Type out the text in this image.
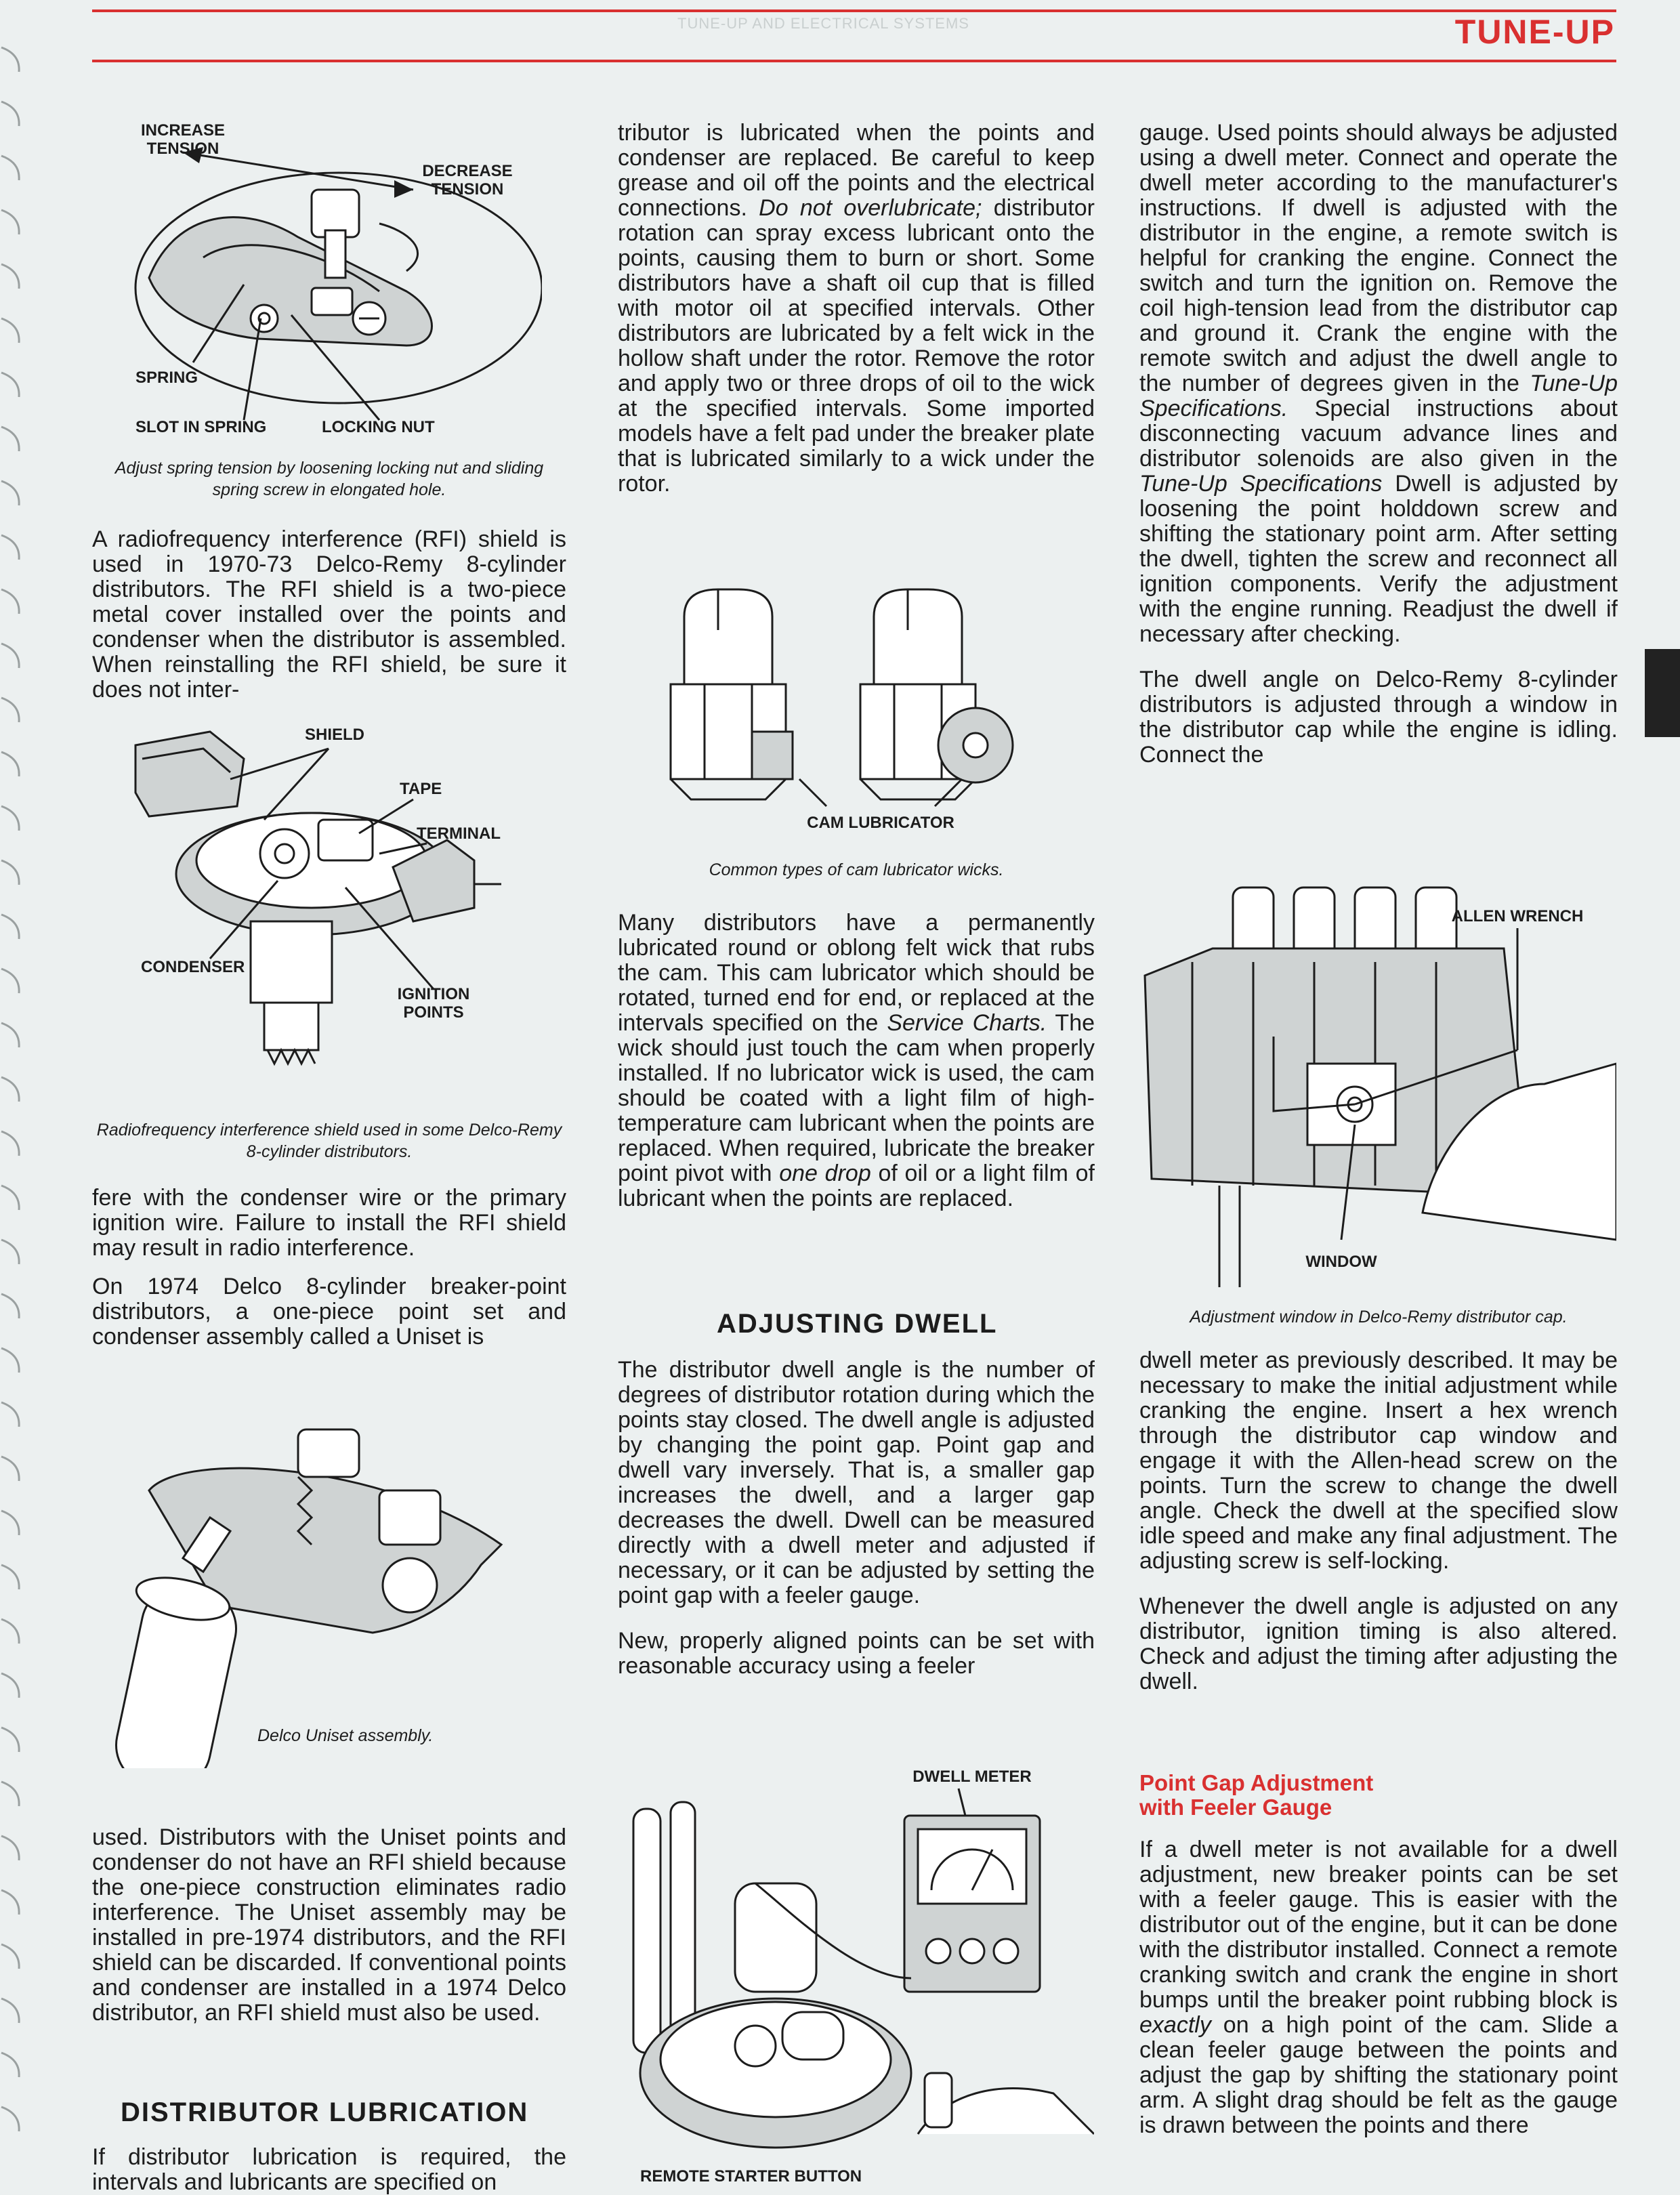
TUNE-UP AND ELECTRICAL SYSTEMS	TUNE-UP
INCREASE
TENSION
DECREASE
TENSION
SPRING
SLOT IN SPRING	LOCKING NUT
Adjust spring tension by loosening locking nut and sliding spring screw in elongated hole.

A radiofrequency interference (RFI) shield is used in 1970-73 Delco-Remy 8-cylinder distributors. The RFI shield is a two-piece metal cover installed over the points and condenser when the distributor is assembled. When reinstalling the RFI shield, be sure it does not inter-

SHIELD
TAPE
TERMINAL
CONDENSER
IGNITION
POINTS
Radiofrequency interference shield used in some Delco-Remy 8-cylinder distributors.

fere with the condenser wire or the primary ignition wire. Failure to install the RFI shield may result in radio interference.

On 1974 Delco 8-cylinder breaker-point distributors, a one-piece point set and condenser assembly called a Uniset is

Delco Uniset assembly.

used. Distributors with the Uniset points and condenser do not have an RFI shield because the one-piece construction eliminates radio interference. The Uniset assembly may be installed in pre-1974 distributors, and the RFI shield can be discarded. If conventional points and condenser are installed in a 1974 Delco distributor, an RFI shield must also be used.

DISTRIBUTOR LUBRICATION

If distributor lubrication is required, the intervals and lubricants are specified on

tributor is lubricated when the points and condenser are replaced. Be careful to keep grease and oil off the points and the electrical connections. Do not overlubricate; distributor rotation can spray excess lubricant onto the points, causing them to burn or short. Some distributors have a shaft oil cup that is filled with motor oil at specified intervals. Other distributors are lubricated by a felt wick in the hollow shaft under the rotor. Remove the rotor and apply two or three drops of oil to the wick at the specified intervals. Some imported models have a felt pad under the breaker plate that is lubricated similarly to a wick under the rotor.

CAM LUBRICATOR
Common types of cam lubricator wicks.

Many distributors have a permanently lubricated round or oblong felt wick that rubs the cam. This cam lubricator which should be rotated, turned end for end, or replaced at the intervals specified on the Service Charts. The wick should just touch the cam when properly installed. If no lubricator wick is used, the cam should be coated with a light film of high-temperature cam lubricant when the points are replaced. When required, lubricate the breaker point pivot with one drop of oil or a light film of lubricant when the points are replaced.

ADJUSTING DWELL

The distributor dwell angle is the number of degrees of distributor rotation during which the points stay closed. The dwell angle is adjusted by changing the point gap. Point gap and dwell vary inversely. That is, a smaller gap increases the dwell, and a larger gap decreases the dwell. Dwell can be measured directly with a dwell meter and adjusted if necessary, or it can be adjusted by setting the point gap with a feeler gauge.

New, properly aligned points can be set with reasonable accuracy using a feeler

DWELL METER
REMOTE STARTER BUTTON

gauge. Used points should always be adjusted using a dwell meter. Connect and operate the dwell meter according to the manufacturer's instructions. If dwell is adjusted with the distributor in the engine, a remote switch is helpful for cranking the engine. Connect the switch and turn the ignition on. Remove the coil high-tension lead from the distributor cap and ground it. Crank the engine with the remote switch and adjust the dwell angle to the number of degrees given in the Tune-Up Specifications. Special instructions about disconnecting vacuum advance lines and distributor solenoids are also given in the Tune-Up Specifications Dwell is adjusted by loosening the point holddown screw and shifting the stationary point arm. After setting the dwell, tighten the screw and reconnect all ignition components. Verify the adjustment with the engine running. Readjust the dwell if necessary after checking.

The dwell angle on Delco-Remy 8-cylinder distributors is adjusted through a window in the distributor cap while the engine is idling. Connect the

ALLEN WRENCH
WINDOW
Adjustment window in Delco-Remy distributor cap.

dwell meter as previously described. It may be necessary to make the initial adjustment while cranking the engine. Insert a hex wrench through the distributor cap window and engage it with the Allen-head screw on the points. Turn the screw to change the dwell angle. Check the dwell at the specified slow idle speed and make any final adjustment. The adjusting screw is self-locking.

Whenever the dwell angle is adjusted on any distributor, ignition timing is also altered. Check and adjust the timing after adjusting the dwell.

Point Gap Adjustment
with Feeler Gauge

If a dwell meter is not available for a dwell adjustment, new breaker points can be set with a feeler gauge. This is easier with the distributor out of the engine, but it can be done with the distributor installed. Connect a remote cranking switch and crank the engine in short bumps until the breaker point rubbing block is exactly on a high point of the cam. Slide a clean feeler gauge between the points and adjust the gap by shifting the stationary point arm. A slight drag should be felt as the gauge is drawn between the points and there
